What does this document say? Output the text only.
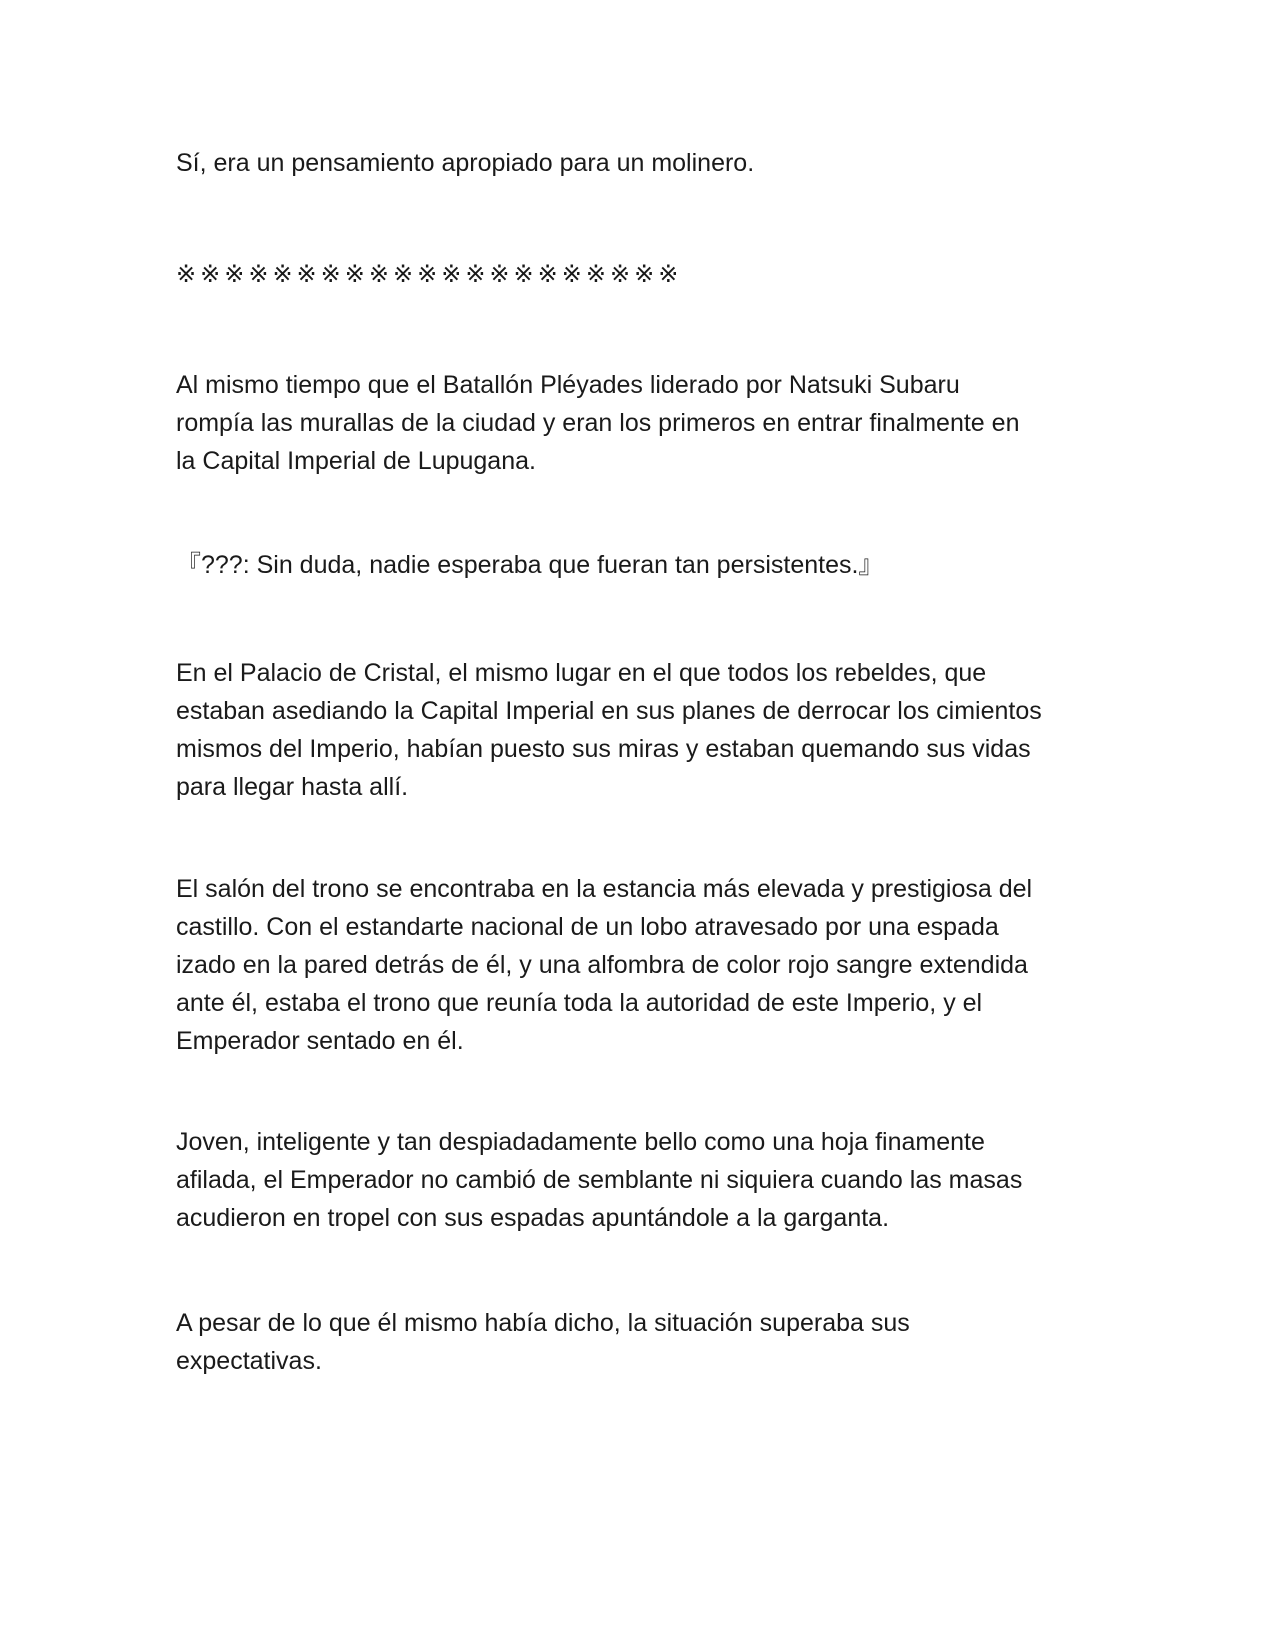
Sí, era un pensamiento apropiado para un molinero.

※※※※※※※※※※※※※※※※※※※※※

Al mismo tiempo que el Batallón Pléyades liderado por Natsuki Subaru
rompía las murallas de la ciudad y eran los primeros en entrar finalmente en
la Capital Imperial de Lupugana.

『???: Sin duda, nadie esperaba que fueran tan persistentes.』

En el Palacio de Cristal, el mismo lugar en el que todos los rebeldes, que
estaban asediando la Capital Imperial en sus planes de derrocar los cimientos
mismos del Imperio, habían puesto sus miras y estaban quemando sus vidas
para llegar hasta allí.

El salón del trono se encontraba en la estancia más elevada y prestigiosa del
castillo. Con el estandarte nacional de un lobo atravesado por una espada
izado en la pared detrás de él, y una alfombra de color rojo sangre extendida
ante él, estaba el trono que reunía toda la autoridad de este Imperio, y el
Emperador sentado en él.

Joven, inteligente y tan despiadadamente bello como una hoja finamente
afilada, el Emperador no cambió de semblante ni siquiera cuando las masas
acudieron en tropel con sus espadas apuntándole a la garganta.

A pesar de lo que él mismo había dicho, la situación superaba sus
expectativas.
